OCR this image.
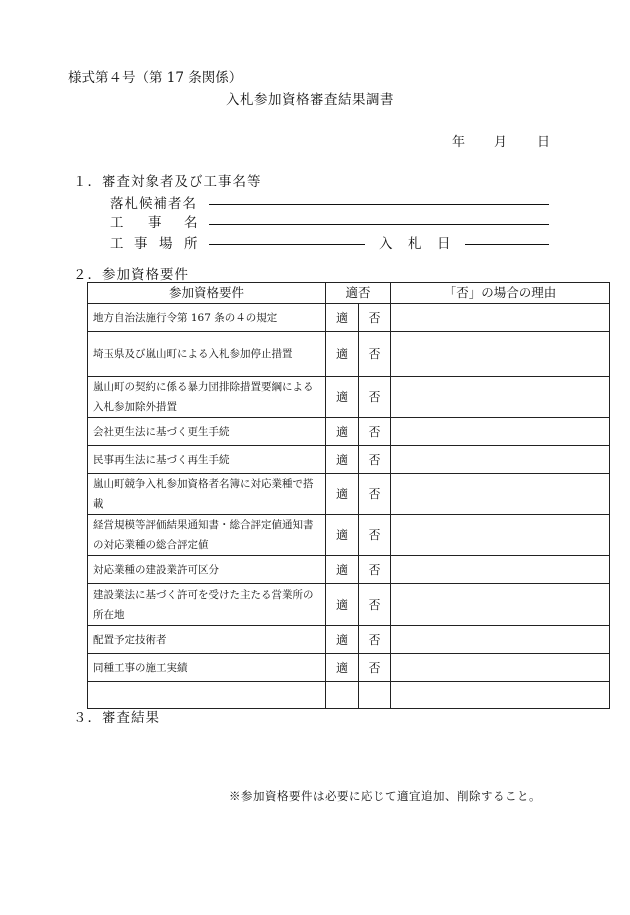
様式第４号（第 17 条関係）
入札参加資格審査結果調書
年 月 日
１．審査対象者及び工事名等
落札候補者名
工 事 名
工 事 場 所	入 札 日
２．参加資格要件
参加資格要件	適否		「否」の場合の理由
地方自治法施行令第 167 条の４の規定	適	否	
埼玉県及び嵐山町による入札参加停止措置	適	否	
嵐山町の契約に係る暴力団排除措置要綱による入札参加除外措置	適	否	
会社更生法に基づく更生手続	適	否	
民事再生法に基づく再生手続	適	否	
嵐山町競争入札参加資格者名簿に対応業種で搭載	適	否	
経営規模等評価結果通知書・総合評定値通知書の対応業種の総合評定値	適	否	
対応業種の建設業許可区分	適	否	
建設業法に基づく許可を受けた主たる営業所の所在地	適	否	
配置予定技術者	適	否	
同種工事の施工実績	適	否	

３．審査結果
※参加資格要件は必要に応じて適宜追加、削除すること。
